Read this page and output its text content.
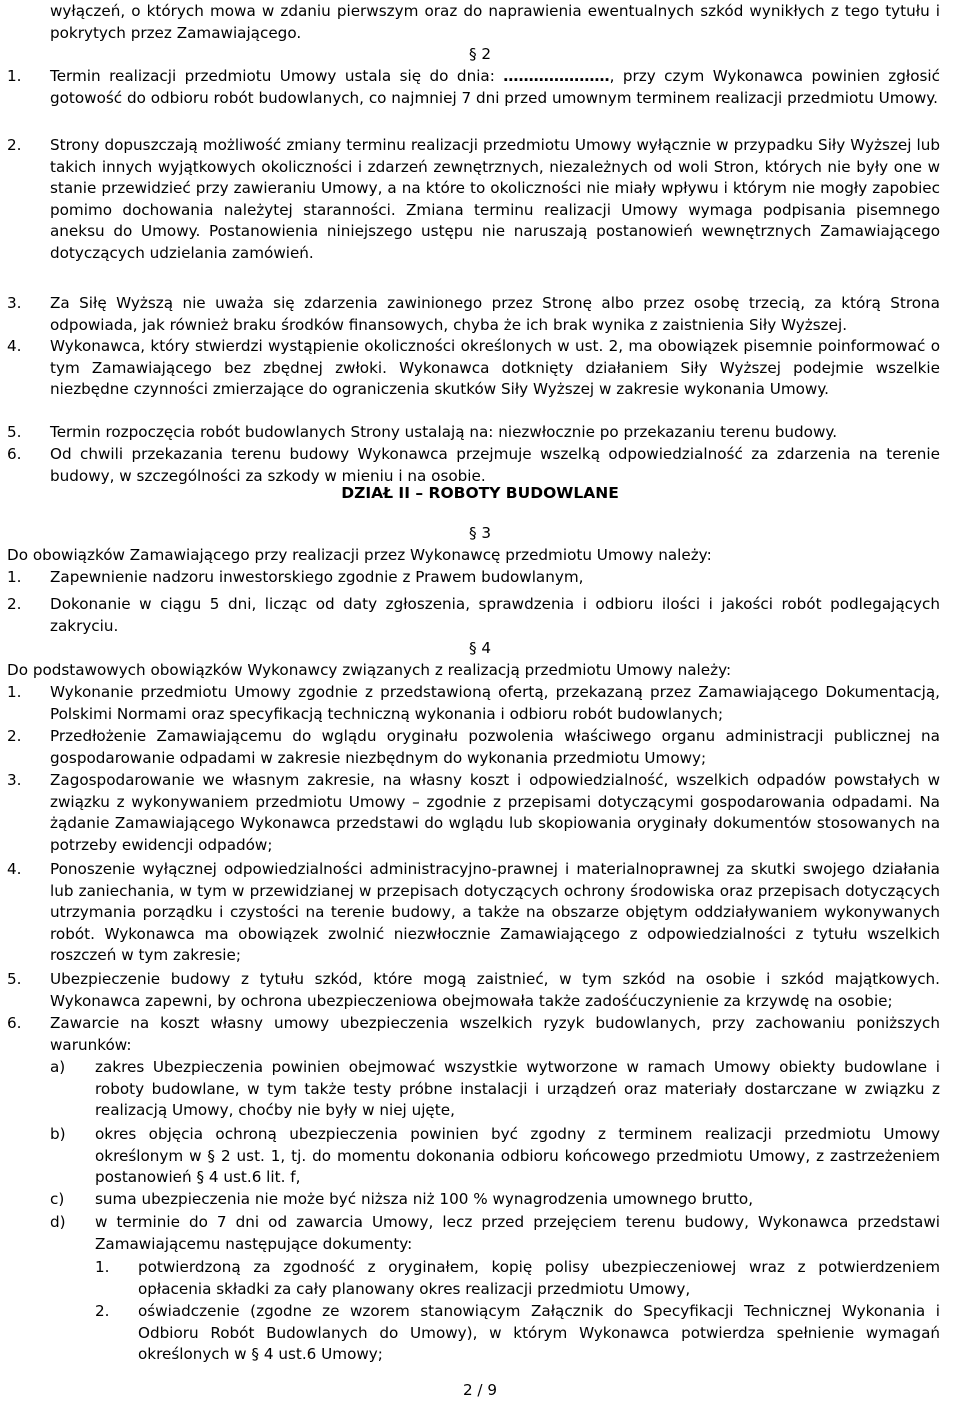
wyłączeń, o których mowa w zdaniu pierwszym oraz do naprawienia ewentualnych szkód wynikłych z tego tytułu i pokrytych przez Zamawiającego.
§ 2
1. Termin realizacji przedmiotu Umowy ustala się do dnia: …………………, przy czym Wykonawca powinien zgłosić gotowość do odbioru robót budowlanych, co najmniej 7 dni przed umownym terminem realizacji przedmiotu Umowy.
2. Strony dopuszczają możliwość zmiany terminu realizacji przedmiotu Umowy wyłącznie w przypadku Siły Wyższej lub takich innych wyjątkowych okoliczności i zdarzeń zewnętrznych, niezależnych od woli Stron, których nie były one w stanie przewidzieć przy zawieraniu Umowy, a na które to okoliczności nie miały wpływu i którym nie mogły zapobiec pomimo dochowania należytej staranności. Zmiana terminu realizacji Umowy wymaga podpisania pisemnego aneksu do Umowy. Postanowienia niniejszego ustępu nie naruszają postanowień wewnętrznych Zamawiającego dotyczących udzielania zamówień.
3. Za Siłę Wyższą nie uważa się zdarzenia zawinionego przez Stronę albo przez osobę trzecią, za którą Strona odpowiada, jak również braku środków finansowych, chyba że ich brak wynika z zaistnienia Siły Wyższej.
4. Wykonawca, który stwierdzi wystąpienie okoliczności określonych w ust. 2, ma obowiązek pisemnie poinformować o tym Zamawiającego bez zbędnej zwłoki. Wykonawca dotknięty działaniem Siły Wyższej podejmie wszelkie niezbędne czynności zmierzające do ograniczenia skutków Siły Wyższej w zakresie wykonania Umowy.
5. Termin rozpoczęcia robót budowlanych Strony ustalają na: niezwłocznie po przekazaniu terenu budowy.
6. Od chwili przekazania terenu budowy Wykonawca przejmuje wszelką odpowiedzialność za zdarzenia na terenie budowy, w szczególności za szkody w mieniu i na osobie.
DZIAŁ II – ROBOTY BUDOWLANE
§ 3
Do obowiązków Zamawiającego przy realizacji przez Wykonawcę przedmiotu Umowy należy:
1. Zapewnienie nadzoru inwestorskiego zgodnie z Prawem budowlanym,
2. Dokonanie w ciągu 5 dni, licząc od daty zgłoszenia, sprawdzenia i odbioru ilości i jakości robót podlegających zakryciu.
§ 4
Do podstawowych obowiązków Wykonawcy związanych z realizacją przedmiotu Umowy należy:
1. Wykonanie przedmiotu Umowy zgodnie z przedstawioną ofertą, przekazaną przez Zamawiającego Dokumentacją, Polskimi Normami oraz specyfikacją techniczną wykonania i odbioru robót budowlanych;
2. Przedłożenie Zamawiającemu do wglądu oryginału pozwolenia właściwego organu administracji publicznej na gospodarowanie odpadami w zakresie niezbędnym do wykonania przedmiotu Umowy;
3. Zagospodarowanie we własnym zakresie, na własny koszt i odpowiedzialność, wszelkich odpadów powstałych w związku z wykonywaniem przedmiotu Umowy – zgodnie z przepisami dotyczącymi gospodarowania odpadami. Na żądanie Zamawiającego Wykonawca przedstawi do wglądu lub skopiowania oryginały dokumentów stosowanych na potrzeby ewidencji odpadów;
4. Ponoszenie wyłącznej odpowiedzialności administracyjno-prawnej i materialnoprawnej za skutki swojego działania lub zaniechania, w tym w przewidzianej w przepisach dotyczących ochrony środowiska oraz przepisach dotyczących utrzymania porządku i czystości na terenie budowy, a także na obszarze objętym oddziaływaniem wykonywanych robót. Wykonawca ma obowiązek zwolnić niezwłocznie Zamawiającego z odpowiedzialności z tytułu wszelkich roszczeń w tym zakresie;
5. Ubezpieczenie budowy z tytułu szkód, które mogą zaistnieć, w tym szkód na osobie i szkód majątkowych. Wykonawca zapewni, by ochrona ubezpieczeniowa obejmowała także zadośćuczynienie za krzywdę na osobie;
6. Zawarcie na koszt własny umowy ubezpieczenia wszelkich ryzyk budowlanych, przy zachowaniu poniższych warunków:
a) zakres Ubezpieczenia powinien obejmować wszystkie wytworzone w ramach Umowy obiekty budowlane i roboty budowlane, w tym także testy próbne instalacji i urządzeń oraz materiały dostarczane w związku z realizacją Umowy, choćby nie były w niej ujęte,
b) okres objęcia ochroną ubezpieczenia powinien być zgodny z terminem realizacji przedmiotu Umowy określonym w § 2 ust. 1, tj. do momentu dokonania odbioru końcowego przedmiotu Umowy, z zastrzeżeniem postanowień § 4 ust.6 lit. f,
c) suma ubezpieczenia nie może być niższa niż 100 % wynagrodzenia umownego brutto,
d) w terminie do 7 dni od zawarcia Umowy, lecz przed przejęciem terenu budowy, Wykonawca przedstawi Zamawiającemu następujące dokumenty:
1. potwierdzoną za zgodność z oryginałem, kopię polisy ubezpieczeniowej wraz z potwierdzeniem opłacenia składki za cały planowany okres realizacji przedmiotu Umowy,
2. oświadczenie (zgodne ze wzorem stanowiącym Załącznik do Specyfikacji Technicznej Wykonania i Odbioru Robót Budowlanych do Umowy), w którym Wykonawca potwierdza spełnienie wymagań określonych w § 4 ust.6 Umowy;
2 / 9
